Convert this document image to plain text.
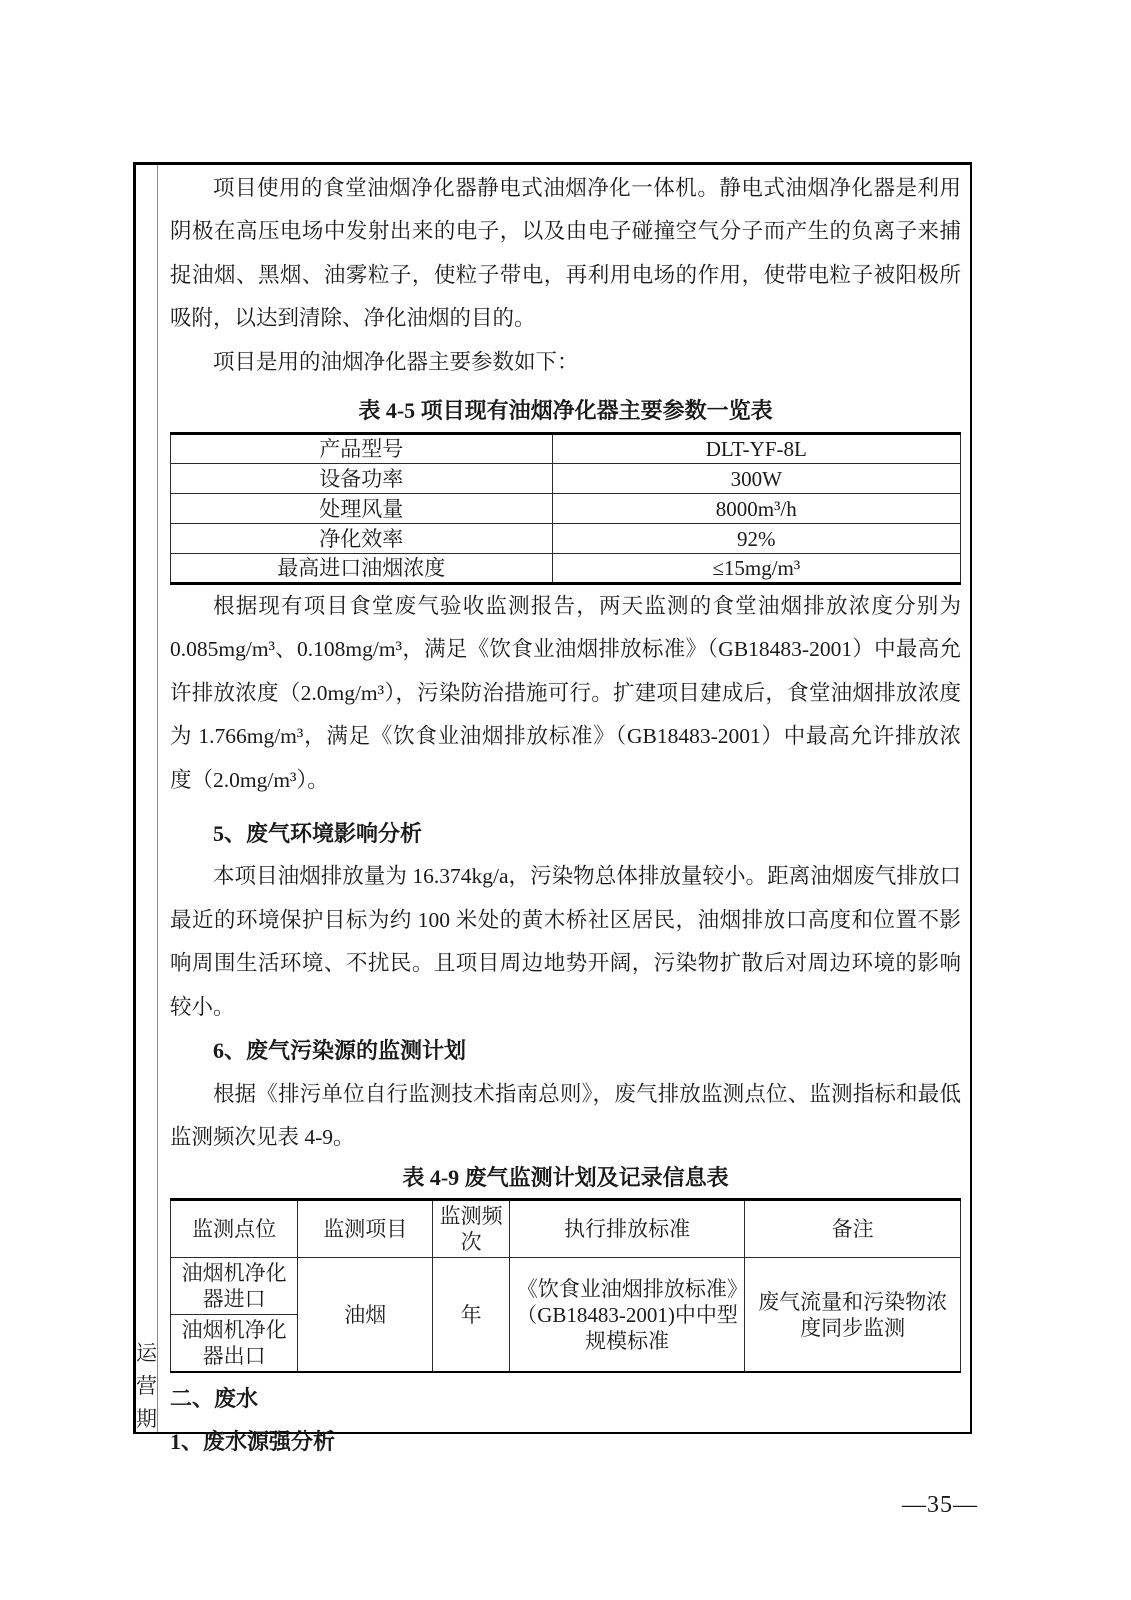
运营期

项目使用的食堂油烟净化器静电式油烟净化一体机。静电式油烟净化器是利用阴极在高压电场中发射出来的电子，以及由电子碰撞空气分子而产生的负离子来捕捉油烟、黑烟、油雾粒子，使粒子带电，再利用电场的作用，使带电粒子被阳极所吸附，以达到清除、净化油烟的目的。

项目是用的油烟净化器主要参数如下：

表 4-5 项目现有油烟净化器主要参数一览表
产品型号	DLT-YF-8L
设备功率	300W
处理风量	8000m³/h
净化效率	92%
最高进口油烟浓度	≤15mg/m³

根据现有项目食堂废气验收监测报告，两天监测的食堂油烟排放浓度分别为 0.085mg/m³、0.108mg/m³，满足《饮食业油烟排放标准》（GB18483-2001）中最高允许排放浓度（2.0mg/m³），污染防治措施可行。扩建项目建成后，食堂油烟排放浓度为 1.766mg/m³，满足《饮食业油烟排放标准》（GB18483-2001）中最高允许排放浓度（2.0mg/m³）。

5、废气环境影响分析

本项目油烟排放量为 16.374kg/a，污染物总体排放量较小。距离油烟废气排放口最近的环境保护目标为约 100 米处的黄木桥社区居民，油烟排放口高度和位置不影响周围生活环境、不扰民。且项目周边地势开阔，污染物扩散后对周边环境的影响较小。

6、废气污染源的监测计划

根据《排污单位自行监测技术指南总则》，废气排放监测点位、监测指标和最低监测频次见表 4-9。

表 4-9 废气监测计划及记录信息表
监测点位	监测项目	监测频次	执行排放标准	备注
油烟机净化器进口	油烟	年	《饮食业油烟排放标准》（GB18483-2001)中中型规模标准	废气流量和污染物浓度同步监测
油烟机净化器出口				

二、废水

1、废水源强分析

—35—
